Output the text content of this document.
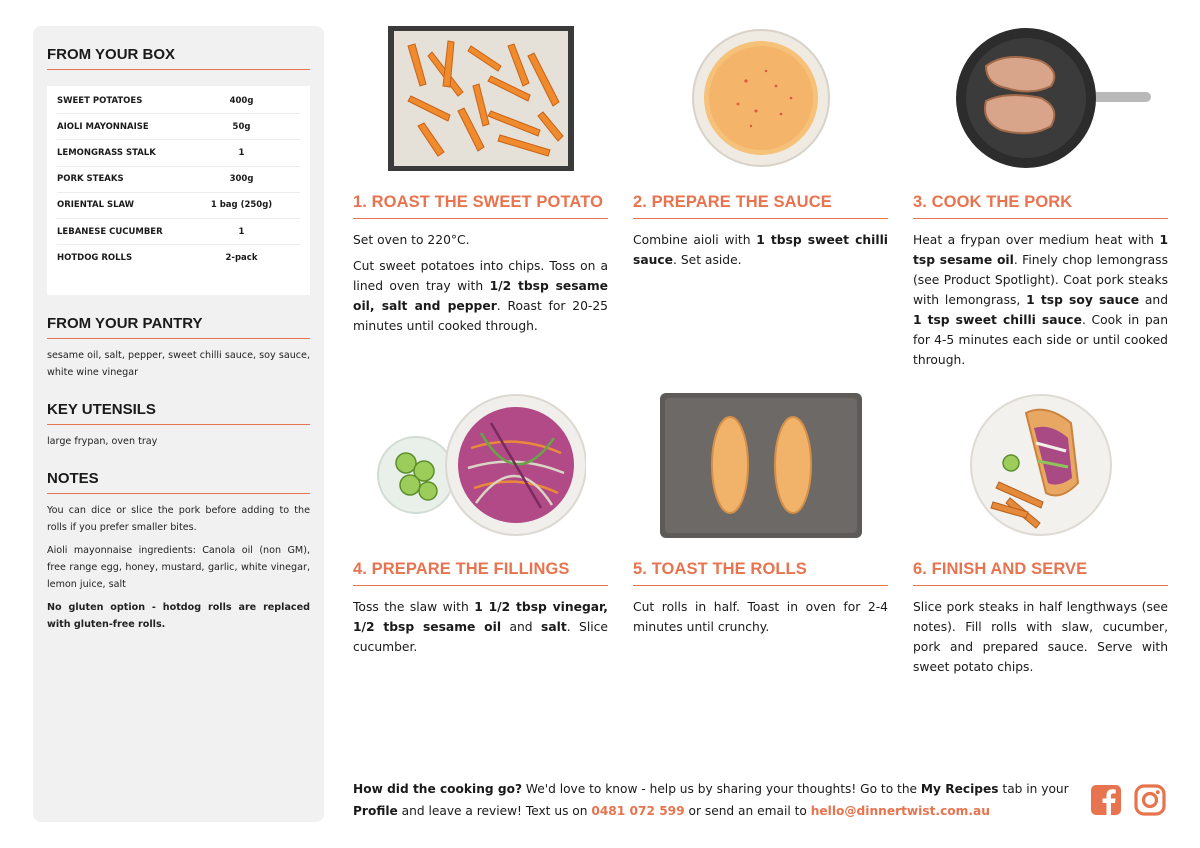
FROM YOUR BOX
SWEET POTATOES	400g
AIOLI MAYONNAISE	50g
LEMONGRASS STALK	1
PORK STEAKS	300g
ORIENTAL SLAW	1 bag (250g)
LEBANESE CUCUMBER	1
HOTDOG ROLLS	2-pack
FROM YOUR PANTRY

sesame oil, salt, pepper, sweet chilli sauce, soy sauce, white wine vinegar

KEY UTENSILS

large frypan, oven tray

NOTES

You can dice or slice the pork before adding to the rolls if you prefer smaller bites.

Aioli mayonnaise ingredients: Canola oil (non GM), free range egg, honey, mustard, garlic, white vinegar, lemon juice, salt

No gluten option - hotdog rolls are replaced with gluten-free rolls.

1. ROAST THE SWEET POTATO

Set oven to 220°C.

Cut sweet potatoes into chips. Toss on a lined oven tray with 1/2 tbsp sesame oil, salt and pepper. Roast for 20-25 minutes until cooked through.

2. PREPARE THE SAUCE

Combine aioli with 1 tbsp sweet chilli sauce. Set aside.

3. COOK THE PORK

Heat a frypan over medium heat with 1 tsp sesame oil. Finely chop lemongrass (see Product Spotlight). Coat pork steaks with lemongrass, 1 tsp soy sauce and 1 tsp sweet chilli sauce. Cook in pan for 4-5 minutes each side or until cooked through.

4. PREPARE THE FILLINGS

Toss the slaw with 1 1/2 tbsp vinegar, 1/2 tbsp sesame oil and salt. Slice cucumber.

5. TOAST THE ROLLS

Cut rolls in half. Toast in oven for 2-4 minutes until crunchy.

6. FINISH AND SERVE

Slice pork steaks in half lengthways (see notes). Fill rolls with slaw, cucumber, pork and prepared sauce. Serve with sweet potato chips.

How did the cooking go? We'd love to know - help us by sharing your thoughts! Go to the My Recipes tab in your Profile and leave a review! Text us on 0481 072 599 or send an email to hello@dinnertwist.com.au
